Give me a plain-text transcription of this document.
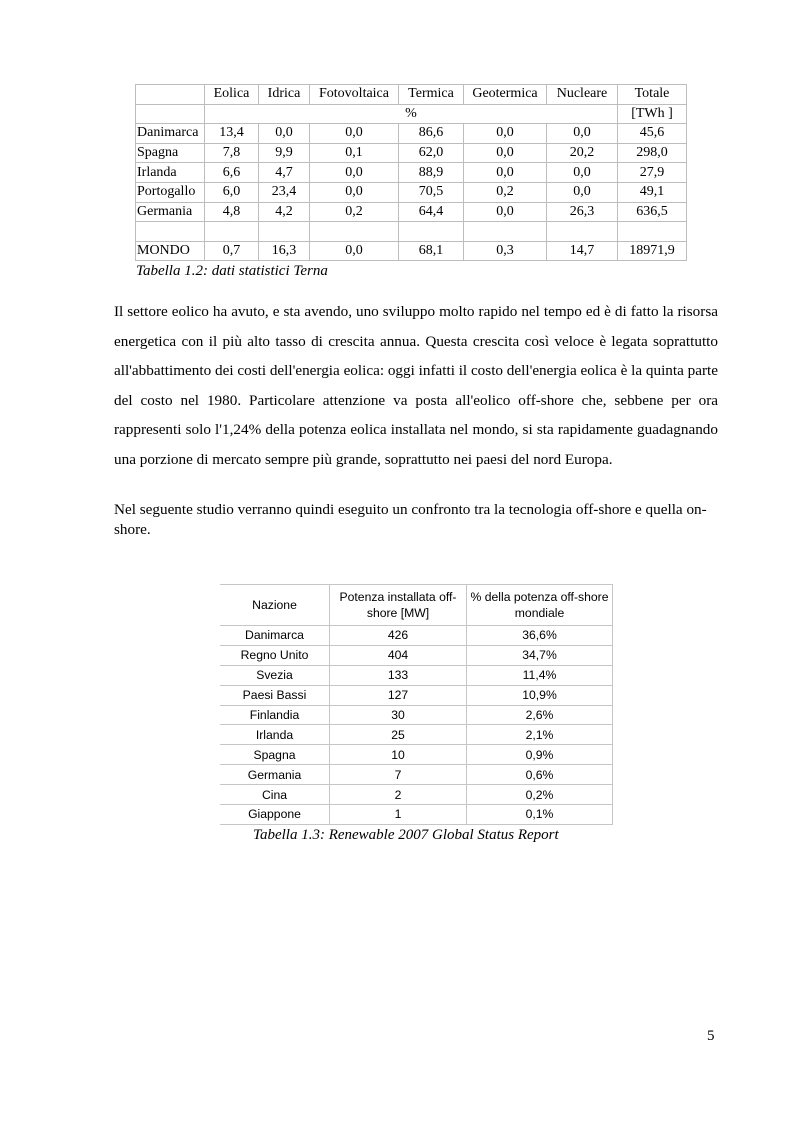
	Eolica	Idrica	Fotovoltaica	Termica	Geotermica	Nucleare	Totale
	%						[TWh ]
Danimarca	13,4	0,0	0,0	86,6	0,0	0,0	45,6
Spagna	7,8	9,9	0,1	62,0	0,0	20,2	298,0
Irlanda	6,6	4,7	0,0	88,9	0,0	0,0	27,9
Portogallo	6,0	23,4	0,0	70,5	0,2	0,0	49,1
Germania	4,8	4,2	0,2	64,4	0,0	26,3	636,5

MONDO	0,7	16,3	0,0	68,1	0,3	14,7	18971,9
Tabella 1.2: dati statistici Terna

Il settore eolico ha avuto, e sta avendo, uno sviluppo molto rapido nel tempo ed è di fatto la risorsa energetica con il più alto tasso di crescita annua. Questa crescita così veloce è legata soprattutto all'abbattimento dei costi dell'energia eolica: oggi infatti il costo dell'energia eolica è la quinta parte del costo nel 1980. Particolare attenzione va posta all'eolico off-shore che, sebbene per ora rappresenti solo l'1,24% della potenza eolica installata nel mondo, si sta rapidamente guadagnando una porzione di mercato sempre più grande, soprattutto nei paesi del nord Europa.

Nel seguente studio verranno quindi eseguito un confronto tra la tecnologia off-shore e quella on-shore.

Nazione	Potenza installata off-shore [MW]	% della potenza off-shore mondiale
Danimarca	426	36,6%
Regno Unito	404	34,7%
Svezia	133	11,4%
Paesi Bassi	127	10,9%
Finlandia	30	2,6%
Irlanda	25	2,1%
Spagna	10	0,9%
Germania	7	0,6%
Cina	2	0,2%
Giappone	1	0,1%
Tabella 1.3: Renewable 2007 Global Status Report
5
